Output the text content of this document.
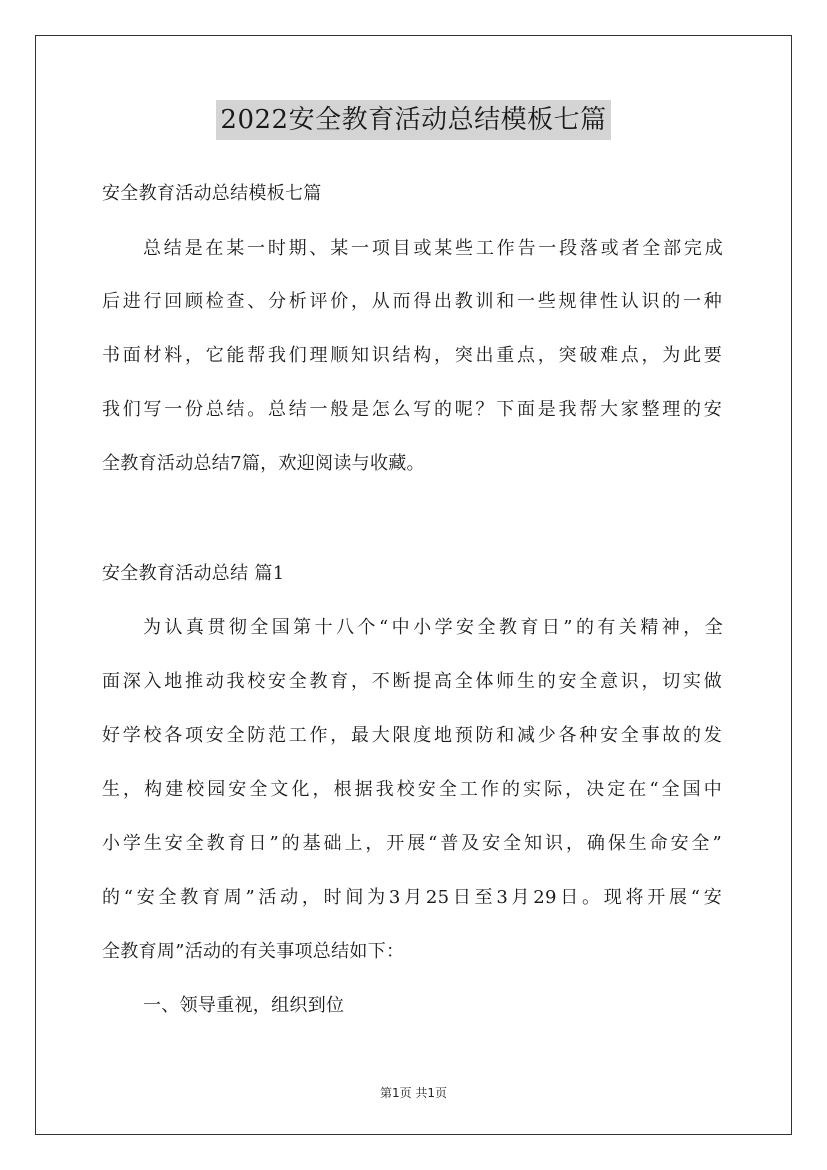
2022安全教育活动总结模板七篇
安全教育活动总结模板七篇
总结是在某一时期、某一项目或某些工作告一段落或者全部完成
后进行回顾检查、分析评价，从而得出教训和一些规律性认识的一种
书面材料，它能帮我们理顺知识结构，突出重点，突破难点，为此要
我们写一份总结。总结一般是怎么写的呢？下面是我帮大家整理的安
全教育活动总结7篇，欢迎阅读与收藏。
安全教育活动总结 篇1
为认真贯彻全国第十八个“中小学安全教育日”的有关精神，全
面深入地推动我校安全教育，不断提高全体师生的安全意识，切实做
好学校各项安全防范工作，最大限度地预防和减少各种安全事故的发
生，构建校园安全文化，根据我校安全工作的实际，决定在“全国中
小学生安全教育日”的基础上，开展“普及安全知识，确保生命安全”
的“安全教育周”活动，时间为3月25日至3月29日。现将开展“安
全教育周”活动的有关事项总结如下：
一、领导重视，组织到位
第1页 共1页
